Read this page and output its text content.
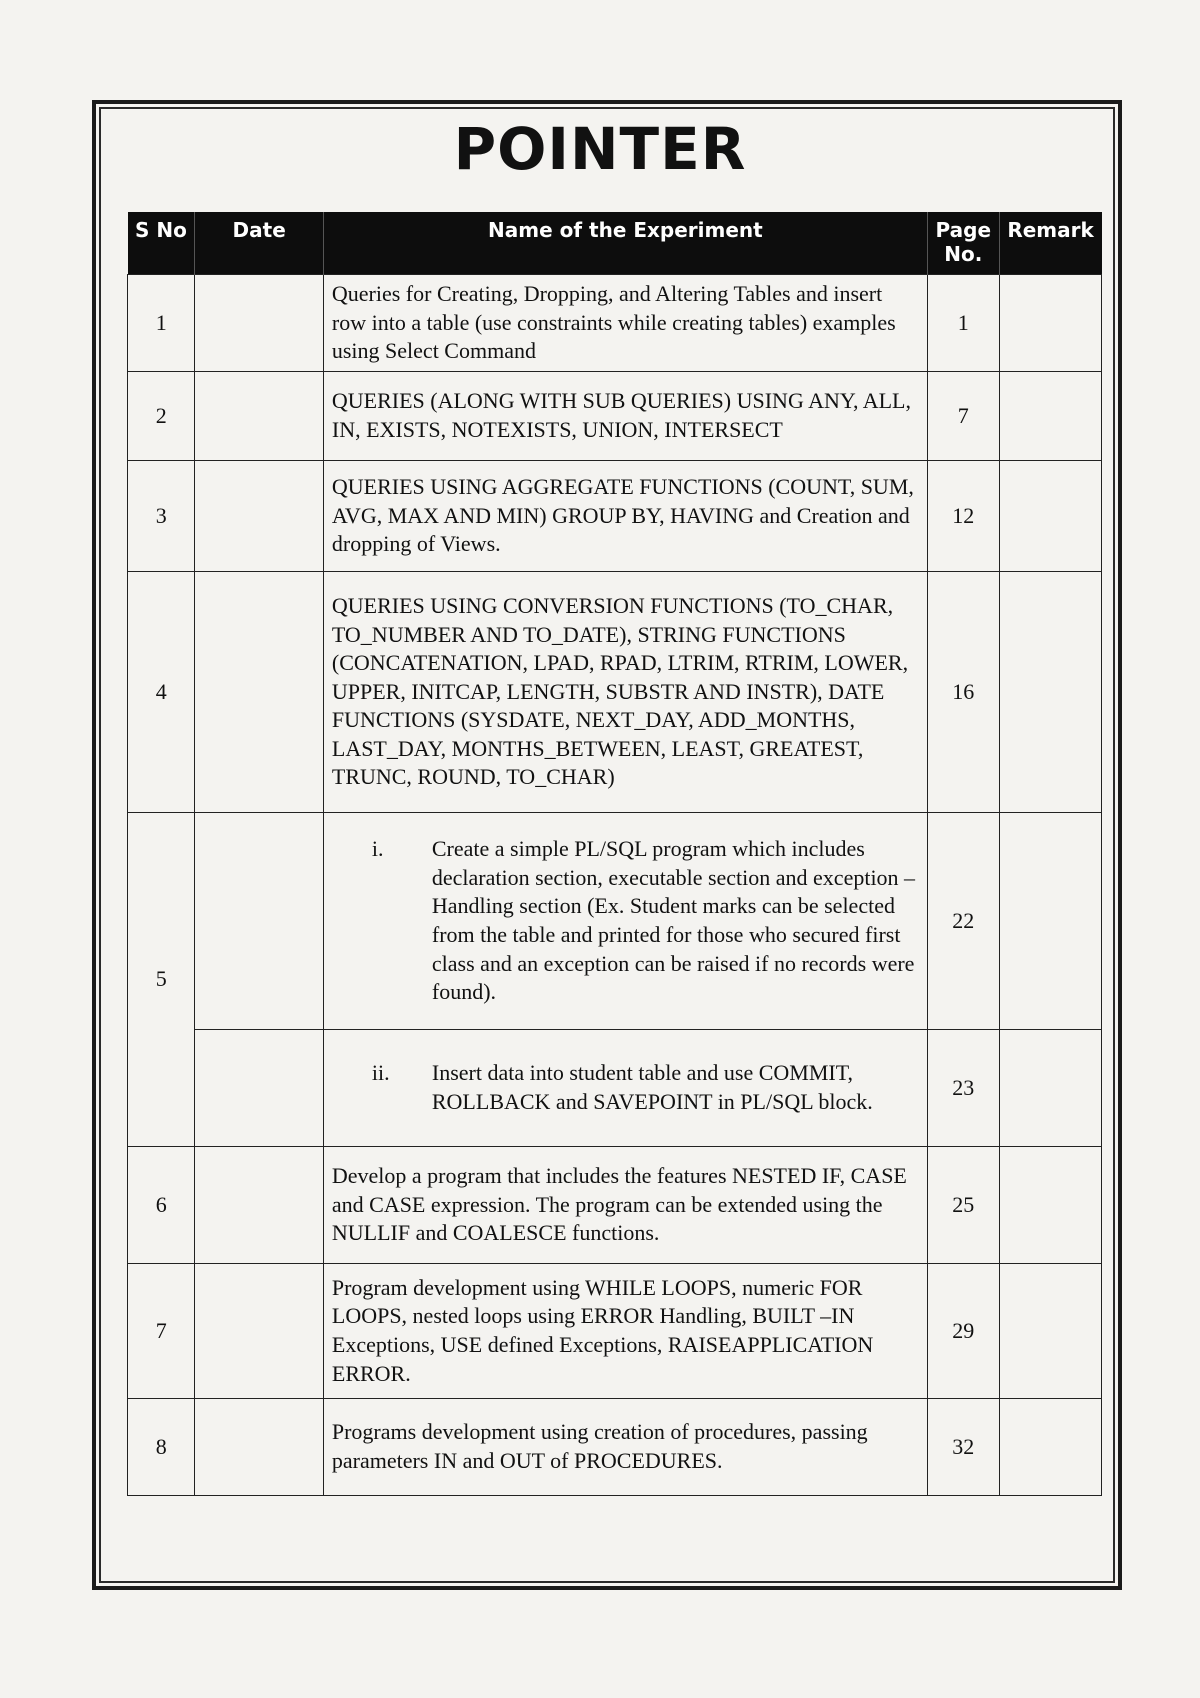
POINTER
S No	Date	Name of the Experiment	Page No.	Remark
1		Queries for Creating, Dropping, and Altering Tables and insert row into a table (use constraints while creating tables) examples using Select Command	1	
2		QUERIES (ALONG WITH SUB QUERIES) USING ANY, ALL, IN, EXISTS, NOTEXISTS, UNION, INTERSECT	7	
3		QUERIES USING AGGREGATE FUNCTIONS (COUNT, SUM, AVG, MAX AND MIN) GROUP BY, HAVING and Creation and dropping of Views.	12	
4		QUERIES USING CONVERSION FUNCTIONS (TO_CHAR, TO_NUMBER AND TO_DATE), STRING FUNCTIONS (CONCATENATION, LPAD, RPAD, LTRIM, RTRIM, LOWER, UPPER, INITCAP, LENGTH, SUBSTR AND INSTR), DATE FUNCTIONS (SYSDATE, NEXT_DAY, ADD_MONTHS, LAST_DAY, MONTHS_BETWEEN, LEAST, GREATEST, TRUNC, ROUND, TO_CHAR)	16	
5		i. Create a simple PL/SQL program which includes declaration section, executable section and exception –Handling section (Ex. Student marks can be selected from the table and printed for those who secured first class and an exception can be raised if no records were found).	22	

		ii. Insert data into student table and use COMMIT, ROLLBACK and SAVEPOINT in PL/SQL block.	23	
6		Develop a program that includes the features NESTED IF, CASE and CASE expression. The program can be extended using the NULLIF and COALESCE functions.	25	
7		Program development using WHILE LOOPS, numeric FOR LOOPS, nested loops using ERROR Handling, BUILT –IN Exceptions, USE defined Exceptions, RAISEAPPLICATION ERROR.	29	
8		Programs development using creation of procedures, passing parameters IN and OUT of PROCEDURES.	32	
